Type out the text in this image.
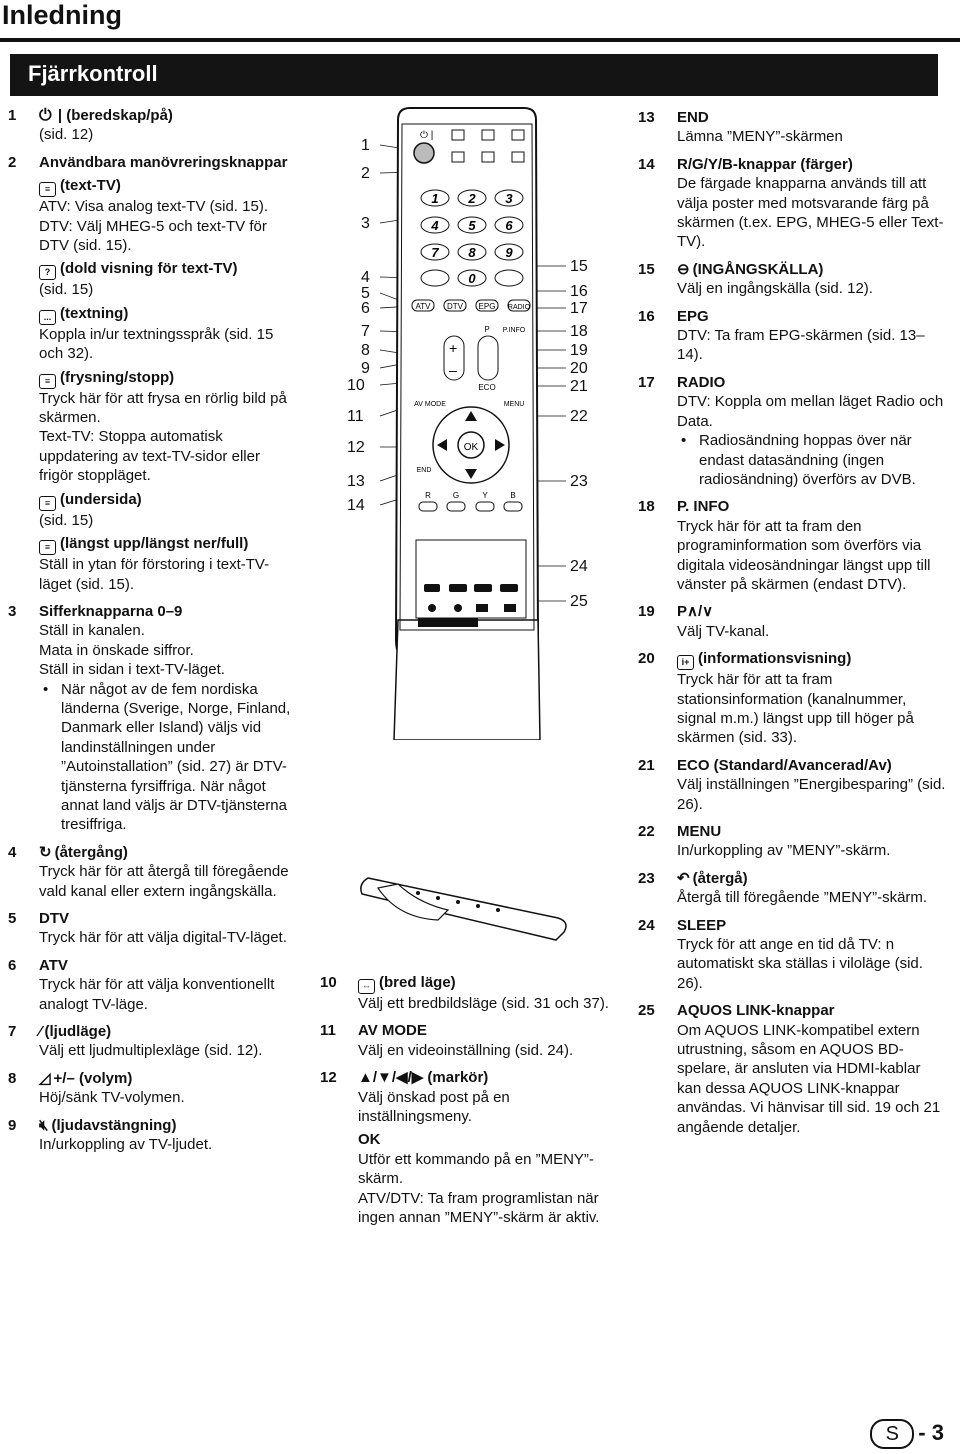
Inledning
Fjärrkontroll
1 ⏻ | (beredskap/på)
(sid. 12)
2 Användbara manövreringsknappar
≡ (text-TV)
ATV: Visa analog text-TV (sid. 15). DTV: Välj MHEG-5 och text-TV för DTV (sid. 15).
? (dold visning för text-TV)
(sid. 15)
... (textning)
Koppla in/ur textningsspråk (sid. 15 och 32).
≡ (frysning/stopp)
Tryck här för att frysa en rörlig bild på skärmen.
Text-TV: Stoppa automatisk uppdatering av text-TV-sidor eller frigör stoppläget.
≡ (undersida)
(sid. 15)
≡ (längst upp/längst ner/full)
Ställ in ytan för förstoring i text-TV-läget (sid. 15).
3 Sifferknapparna 0–9
Ställ in kanalen.
Mata in önskade siffror.
Ställ in sidan i text-TV-läget.
• När något av de fem nordiska länderna (Sverige, Norge, Finland, Danmark eller Island) väljs vid landinställningen under ”Autoinstallation” (sid. 27) är DTV-tjänsterna fyrsiffriga. När något annat land väljs är DTV-tjänsterna tresiffriga.
4 ↻ (återgång)
Tryck här för att återgå till föregående vald kanal eller extern ingångskälla.
5 DTV
Tryck här för att välja digital-TV-läget.
6 ATV
Tryck här för att välja konventionellt analogt TV-läge.
7 ⁄ (ljudläge)
Välj ett ljudmultiplexläge (sid. 12).
8 ◿ +/– (volym)
Höj/sänk TV-volymen.
9 🔇︎ (ljudavstängning)
In/urkoppling av TV-ljudet.
1
2
3
4
5
6
7
8
9
10
11
12
13
14
15
16
17
18
19
20
21
22
23
24
25
⏻ |
1 2 3
4 5 6
7 8 9
0
ATV DTV EPG RADIO
P P.INFO
ECO
AV MODE	MENU
END
R	G	Y	B
+
–
OK
10	⇔ (bred läge)
Välj ett bredbildsläge (sid. 31 och 37).
11 AV MODE
Välj en videoinställning (sid. 24).
12 ▲/▼/◀/▶ (markör)
Välj önskad post på en inställningsmeny.
OK
Utför ett kommando på en ”MENY”-skärm.
ATV/DTV: Ta fram programlistan när ingen annan ”MENY”-skärm är aktiv.
13 END
Lämna ”MENY”-skärmen
14 R/G/Y/B-knappar (färger)
De färgade knapparna används till att välja poster med motsvarande färg på skärmen (t.ex. EPG, MHEG-5 eller Text-TV).
15 ⊖ (INGÅNGSKÄLLA)
Välj en ingångskälla (sid. 12).
16 EPG
DTV: Ta fram EPG-skärmen (sid. 13–14).
17 RADIO
DTV: Koppla om mellan läget Radio och Data.
• Radiosändning hoppas över när endast datasändning (ingen radiosändning) överförs av DVB.
18 P. INFO
Tryck här för att ta fram den programinformation som överförs via digitala videosändningar längst upp till vänster på skärmen (endast DTV).
19 P∧/∨
Välj TV-kanal.
20	i+ (informationsvisning)
Tryck här för att ta fram stationsinformation (kanalnummer, signal m.m.) längst upp till höger på skärmen (sid. 33).
21 ECO (Standard/Avancerad/Av)
Välj inställningen ”Energibesparing” (sid. 26).
22 MENU
In/urkoppling av ”MENY”-skärm.
23 ↶ (återgå)
Återgå till föregående ”MENY”-skärm.
24 SLEEP
Tryck för att ange en tid då TV: n automatiskt ska ställas i viloläge (sid. 26).
25 AQUOS LINK-knappar
Om AQUOS LINK-kompatibel extern utrustning, såsom en AQUOS BD-spelare, är ansluten via HDMI-kablar kan dessa AQUOS LINK-knappar användas. Vi hänvisar till sid. 19 och 21 angående detaljer.
S - 3
